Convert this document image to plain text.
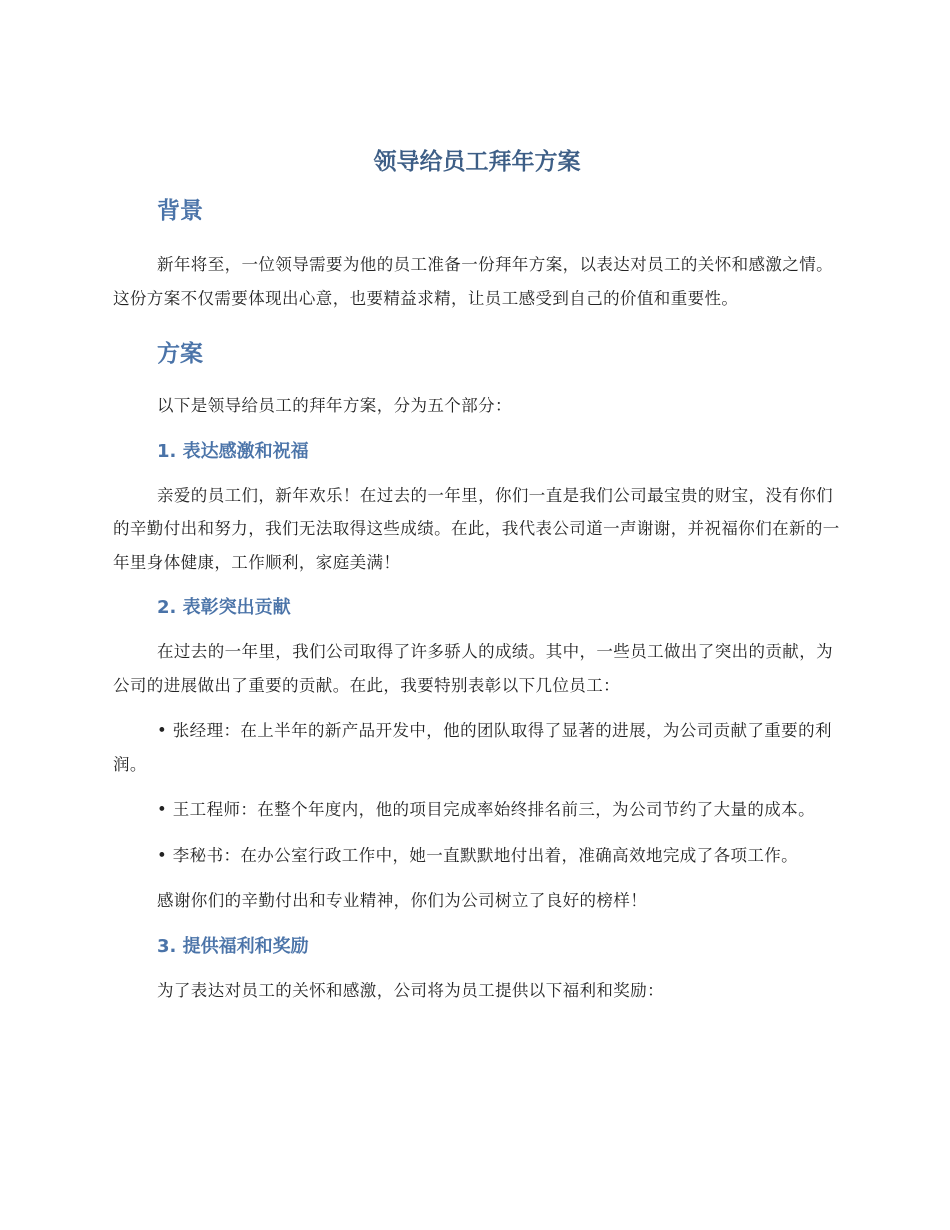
领导给员工拜年方案
背景

新年将至，一位领导需要为他的员工准备一份拜年方案，以表达对员工的关怀和感激之情。这份方案不仅需要体现出心意，也要精益求精，让员工感受到自己的价值和重要性。

方案

以下是领导给员工的拜年方案，分为五个部分：

1. 表达感激和祝福

亲爱的员工们，新年欢乐！在过去的一年里，你们一直是我们公司最宝贵的财宝，没有你们的辛勤付出和努力，我们无法取得这些成绩。在此，我代表公司道一声谢谢，并祝福你们在新的一年里身体健康，工作顺利，家庭美满！

2. 表彰突出贡献

在过去的一年里，我们公司取得了许多骄人的成绩。其中，一些员工做出了突出的贡献，为公司的进展做出了重要的贡献。在此，我要特别表彰以下几位员工：

• 张经理：在上半年的新产品开发中，他的团队取得了显著的进展，为公司贡献了重要的利润。

• 王工程师：在整个年度内，他的项目完成率始终排名前三，为公司节约了大量的成本。

• 李秘书：在办公室行政工作中，她一直默默地付出着，准确高效地完成了各项工作。

感谢你们的辛勤付出和专业精神，你们为公司树立了良好的榜样！

3. 提供福利和奖励

为了表达对员工的关怀和感激，公司将为员工提供以下福利和奖励：
